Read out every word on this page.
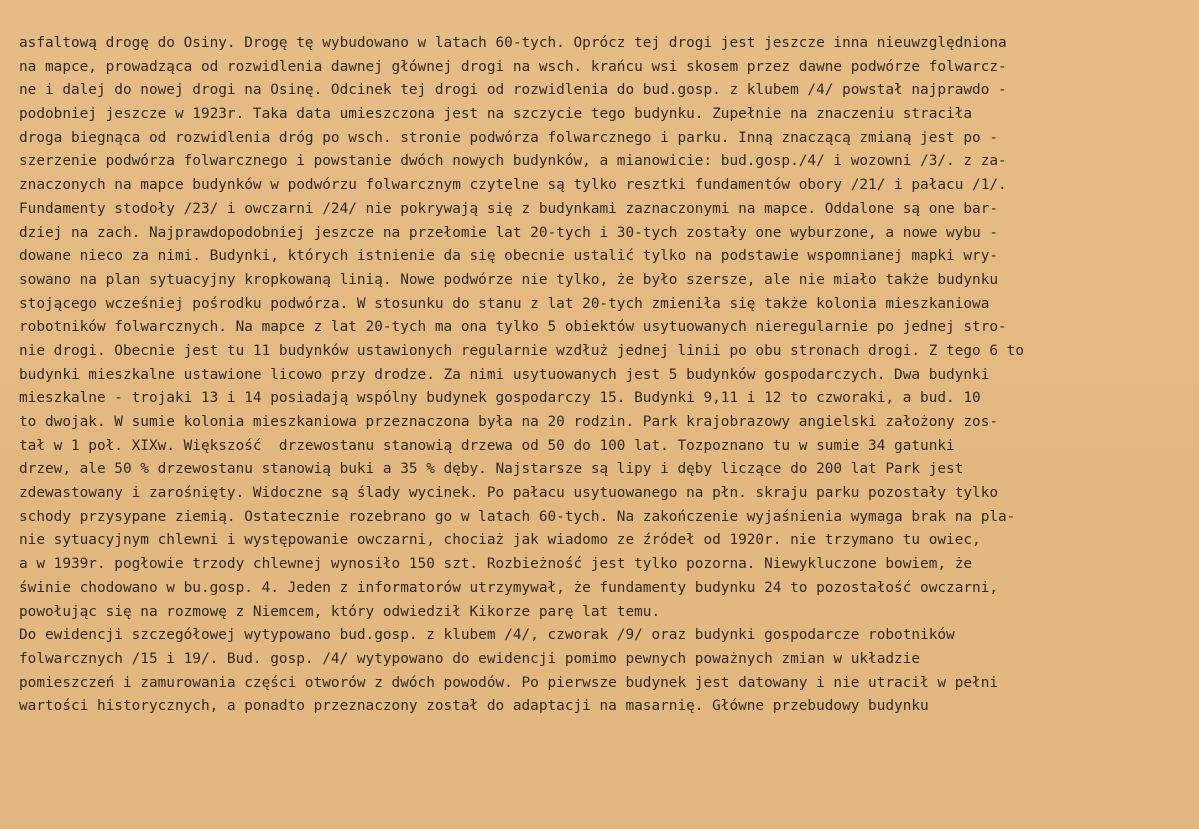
asfaltową drogę do Osiny. Drogę tę wybudowano w latach 60-tych. Oprócz tej drogi jest jeszcze inna nieuwzględniona
na mapce, prowadząca od rozwidlenia dawnej głównej drogi na wsch. krańcu wsi skosem przez dawne podwórze folwarcz-
ne i dalej do nowej drogi na Osinę. Odcinek tej drogi od rozwidlenia do bud.gosp. z klubem /4/ powstał najprawdo -
podobniej jeszcze w 1923r. Taka data umieszczona jest na szczycie tego budynku. Zupełnie na znaczeniu straciła
droga biegnąca od rozwidlenia dróg po wsch. stronie podwórza folwarcznego i parku. Inną znaczącą zmianą jest po -
szerzenie podwórza folwarcznego i powstanie dwóch nowych budynków, a mianowicie: bud.gosp./4/ i wozowni /3/. z za-
znaczonych na mapce budynków w podwórzu folwarcznym czytelne są tylko resztki fundamentów obory /21/ i pałacu /1/.
Fundamenty stodoły /23/ i owczarni /24/ nie pokrywają się z budynkami zaznaczonymi na mapce. Oddalone są one bar-
dziej na zach. Najprawdopodobniej jeszcze na przełomie lat 20-tych i 30-tych zostały one wyburzone, a nowe wybu -
dowane nieco za nimi. Budynki, których istnienie da się obecnie ustalić tylko na podstawie wspomnianej mapki wry-
sowano na plan sytuacyjny kropkowaną linią. Nowe podwórze nie tylko, że było szersze, ale nie miało także budynku
stojącego wcześniej pośrodku podwórza. W stosunku do stanu z lat 20-tych zmieniła się także kolonia mieszkaniowa
robotników folwarcznych. Na mapce z lat 20-tych ma ona tylko 5 obiektów usytuowanych nieregularnie po jednej stro-
nie drogi. Obecnie jest tu 11 budynków ustawionych regularnie wzdłuż jednej linii po obu stronach drogi. Z tego 6 to
budynki mieszkalne ustawione licowo przy drodze. Za nimi usytuowanych jest 5 budynków gospodarczych. Dwa budynki
mieszkalne - trojaki 13 i 14 posiadają wspólny budynek gospodarczy 15. Budynki 9,11 i 12 to czworaki, a bud. 10
to dwojak. W sumie kolonia mieszkaniowa przeznaczona była na 20 rodzin. Park krajobrazowy angielski założony zos-
tał w 1 poł. XIXw. Większość  drzewostanu stanowią drzewa od 50 do 100 lat. Tozpoznano tu w sumie 34 gatunki
drzew, ale 50 % drzewostanu stanowią buki a 35 % dęby. Najstarsze są lipy i dęby liczące do 200 lat Park jest
zdewastowany i zarośnięty. Widoczne są ślady wycinek. Po pałacu usytuowanego na płn. skraju parku pozostały tylko
schody przysypane ziemią. Ostatecznie rozebrano go w latach 60-tych. Na zakończenie wyjaśnienia wymaga brak na pla-
nie sytuacyjnym chlewni i występowanie owczarni, chociaż jak wiadomo ze źródeł od 1920r. nie trzymano tu owiec,
a w 1939r. pogłowie trzody chlewnej wynosiło 150 szt. Rozbieżność jest tylko pozorna. Niewykluczone bowiem, że
świnie chodowano w bu.gosp. 4. Jeden z informatorów utrzymywał, że fundamenty budynku 24 to pozostałość owczarni,
powołując się na rozmowę z Niemcem, który odwiedził Kikorze parę lat temu.
Do ewidencji szczegółowej wytypowano bud.gosp. z klubem /4/, czworak /9/ oraz budynki gospodarcze robotników
folwarcznych /15 i 19/. Bud. gosp. /4/ wytypowano do ewidencji pomimo pewnych poważnych zmian w układzie
pomieszczeń i zamurowania części otworów z dwóch powodów. Po pierwsze budynek jest datowany i nie utracił w pełni
wartości historycznych, a ponadto przeznaczony został do adaptacji na masarnię. Główne przebudowy budynku
